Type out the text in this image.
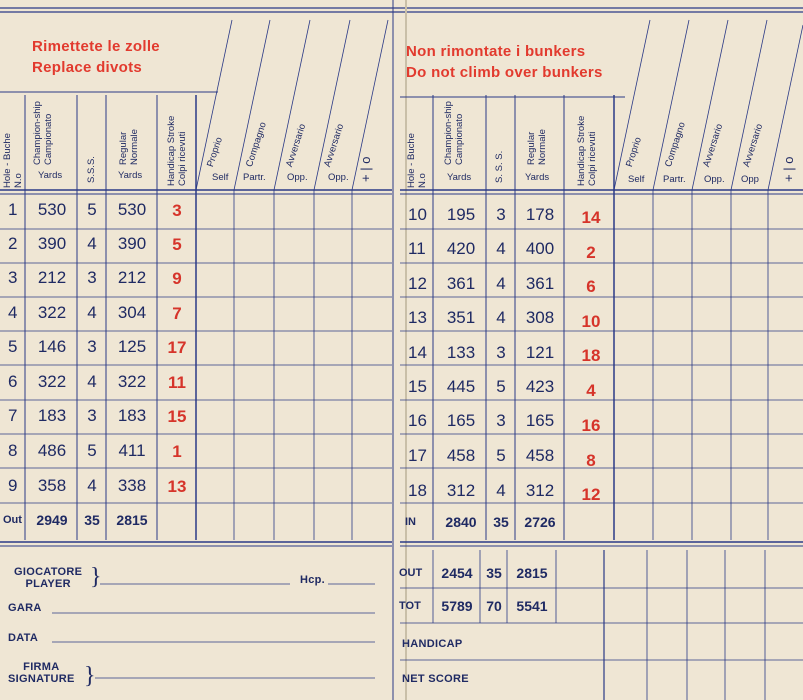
}
}
Rimettete le zolle
Replace divots
Non rimontate i bunkers
Do not climb over bunkers
Hole - Buche N.o
Champion-ship Campionato
Yards	S.S.S.
Regular Normale
Yards	Handicap Stroke Colpi ricevuti Proprio
Self
Compagno
Partr.
Avversario
Opp.
Avversario
Opp. + | o	Hole - Buche N.o
Champion-ship Campionato
Yards S. S. S.
Regular Normale
Yards	Handicap Stroke Colpi ricevuti	Proprio
Self
Compagno
Partr.
Avversario
Opp.
Avversario
Opp + | o
1	530	5	530	3
2	390	4	390	5
3	212	3	212	9
4	322	4	304	7
5	146	3	125	17
6	322	4	322	11
7	183	3	183	15
8	486	5	411	1
9	358	4	338	13
Out	2949	35	2815
10	195	3	178	14
11	420	4	400	2
12	361	4	361	6
13	351	4	308	10
14	133	3	121	18
15	445	5	423	4
16	165	3	165	16
17	458	5	458	8
18	312	4	312	12
IN	2840	35	2726
GIOCATORE
PLAYER	Hcp.
GARA
DATA
FIRMA
SIGNATURE
OUT	2454 35	2815
TOT	5789 70	5541
HANDICAP
NET SCORE
